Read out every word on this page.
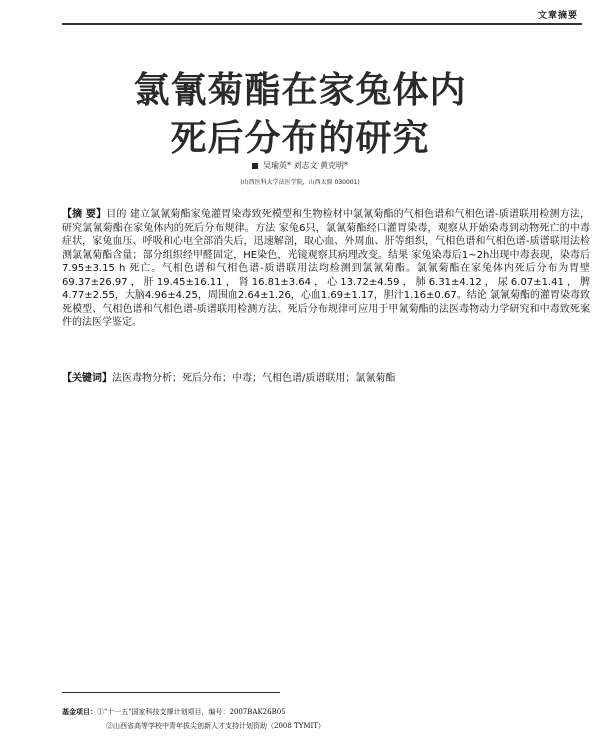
文章摘要
氯氰菊酯在家兔体内
死后分布的研究
吴瑜英* 刘志文 黄克明*
(山西医科大学法医学院，山西太原 030001)
【摘 要】目的 建立氯氰菊酯家兔灌胃染毒致死模型和生物检材中氯氰菊酯的气相色谱和气相色谱-质谱联用检测方法，研究氯氰菊酯在家兔体内的死后分布规律。方法 家兔6只，氯氰菊酯经口灌胃染毒，观察从开始染毒到动物死亡的中毒症状，家兔血压、呼吸和心电全部消失后，迅速解剖，取心血、外周血、肝等组织，气相色谱和气相色谱-质谱联用法检测氯氰菊酯含量；部分组织经甲醛固定，HE染色，光镜观察其病理改变。结果 家兔染毒后1~2h出现中毒表现，染毒后7.95±3.15 h 死亡。气相色谱和气相色谱-质谱联用法均检测到氯氰菊酯。氯氰菊酯在家兔体内死后分布为胃壁69.37±26.97，肝19.45±16.11，肾16.81±3.64，心13.72±4.59，肺6.31±4.12，尿6.07±1.41，脾4.77±2.55，大脑4.96±4.25，周围血2.64±1.26，心血1.69±1.17，胆汁1.16±0.67。结论 氯氰菊酯的灌胃染毒致死模型、气相色谱和气相色谱-质谱联用检测方法、死后分布规律可应用于甲氰菊酯的法医毒物动力学研究和中毒致死案件的法医学鉴定。
【关键词】法医毒物分析；死后分布；中毒；气相色谱/质谱联用；氯氰菊酯
基金项目：①"十一五"国家科技支撑计划项目，编号：2007BAK26B05
②山西省高等学校中青年拔尖创新人才支持计划资助（2008 TYMIT）
